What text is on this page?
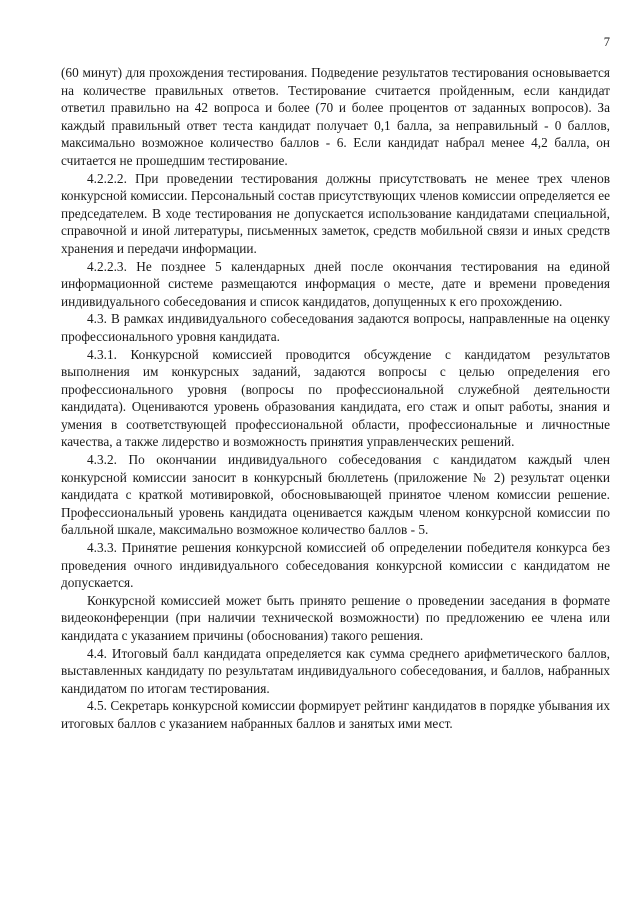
7

(60 минут) для прохождения тестирования. Подведение результатов тестирования основывается на количестве правильных ответов. Тестирование считается пройденным, если кандидат ответил правильно на 42 вопроса и более (70 и более процентов от заданных вопросов). За каждый правильный ответ теста кандидат получает 0,1 балла, за неправильный - 0 баллов, максимально возможное количество баллов - 6. Если кандидат набрал менее 4,2 балла, он считается не прошедшим тестирование.

4.2.2.2. При проведении тестирования должны присутствовать не менее трех членов конкурсной комиссии. Персональный состав присутствующих членов комиссии определяется ее председателем. В ходе тестирования не допускается использование кандидатами специальной, справочной и иной литературы, письменных заметок, средств мобильной связи и иных средств хранения и передачи информации.

4.2.2.3. Не позднее 5 календарных дней после окончания тестирования на единой информационной системе размещаются информация о месте, дате и времени проведения индивидуального собеседования и список кандидатов, допущенных к его прохождению.

4.3. В рамках индивидуального собеседования задаются вопросы, направленные на оценку профессионального уровня кандидата.

4.3.1. Конкурсной комиссией проводится обсуждение с кандидатом результатов выполнения им конкурсных заданий, задаются вопросы с целью определения его профессионального уровня (вопросы по профессиональной служебной деятельности кандидата). Оцениваются уровень образования кандидата, его стаж и опыт работы, знания и умения в соответствующей профессиональной области, профессиональные и личностные качества, а также лидерство и возможность принятия управленческих решений.

4.3.2. По окончании индивидуального собеседования с кандидатом каждый член конкурсной комиссии заносит в конкурсный бюллетень (приложение № 2) результат оценки кандидата с краткой мотивировкой, обосновывающей принятое членом комиссии решение. Профессиональный уровень кандидата оценивается каждым членом конкурсной комиссии по балльной шкале, максимально возможное количество баллов - 5.

4.3.3. Принятие решения конкурсной комиссией об определении победителя конкурса без проведения очного индивидуального собеседования конкурсной комиссии с кандидатом не допускается.

Конкурсной комиссией может быть принято решение о проведении заседания в формате видеоконференции (при наличии технической возможности) по предложению ее члена или кандидата с указанием причины (обоснования) такого решения.

4.4. Итоговый балл кандидата определяется как сумма среднего арифметического баллов, выставленных кандидату по результатам индивидуального собеседования, и баллов, набранных кандидатом по итогам тестирования.

4.5. Секретарь конкурсной комиссии формирует рейтинг кандидатов в порядке убывания их итоговых баллов с указанием набранных баллов и занятых ими мест.
